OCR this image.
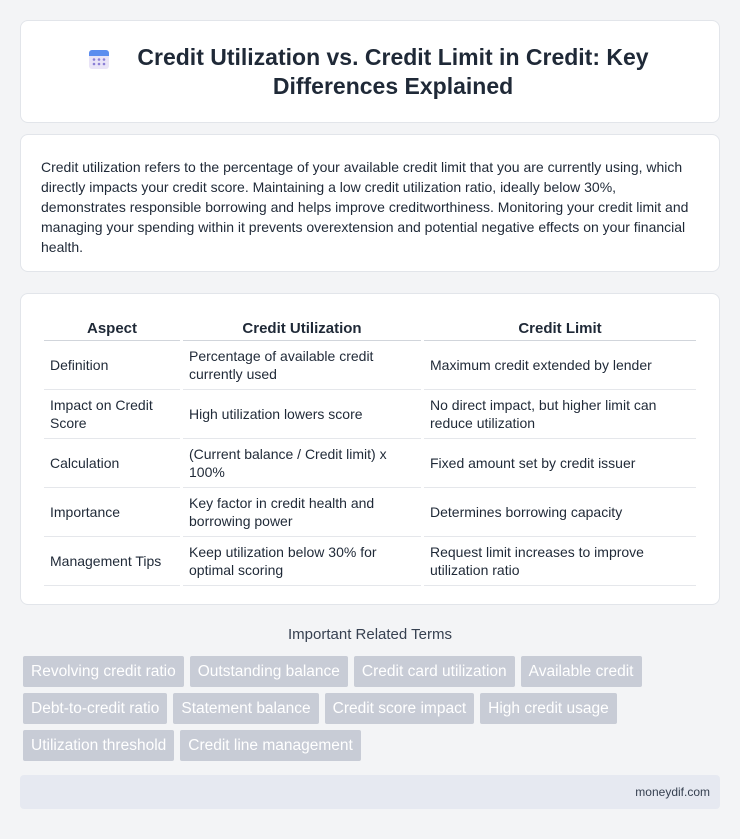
Credit Utilization vs. Credit Limit in Credit: Key Differences Explained

Credit utilization refers to the percentage of your available credit limit that you are currently using, which directly impacts your credit score. Maintaining a low credit utilization ratio, ideally below 30%, demonstrates responsible borrowing and helps improve creditworthiness. Monitoring your credit limit and managing your spending within it prevents overextension and potential negative effects on your financial health.

Aspect	Credit Utilization	Credit Limit
Definition	Percentage of available credit currently used	Maximum credit extended by lender
Impact on Credit Score	High utilization lowers score	No direct impact, but higher limit can reduce utilization
Calculation	(Current balance / Credit limit) x 100%	Fixed amount set by credit issuer
Importance	Key factor in credit health and borrowing power	Determines borrowing capacity
Management Tips	Keep utilization below 30% for optimal scoring	Request limit increases to improve utilization ratio
Important Related Terms
Revolving credit ratio	Outstanding balance	Credit card utilization	Available credit
Debt-to-credit ratio	Statement balance	Credit score impact	High credit usage
Utilization threshold	Credit line management
moneydif.com
